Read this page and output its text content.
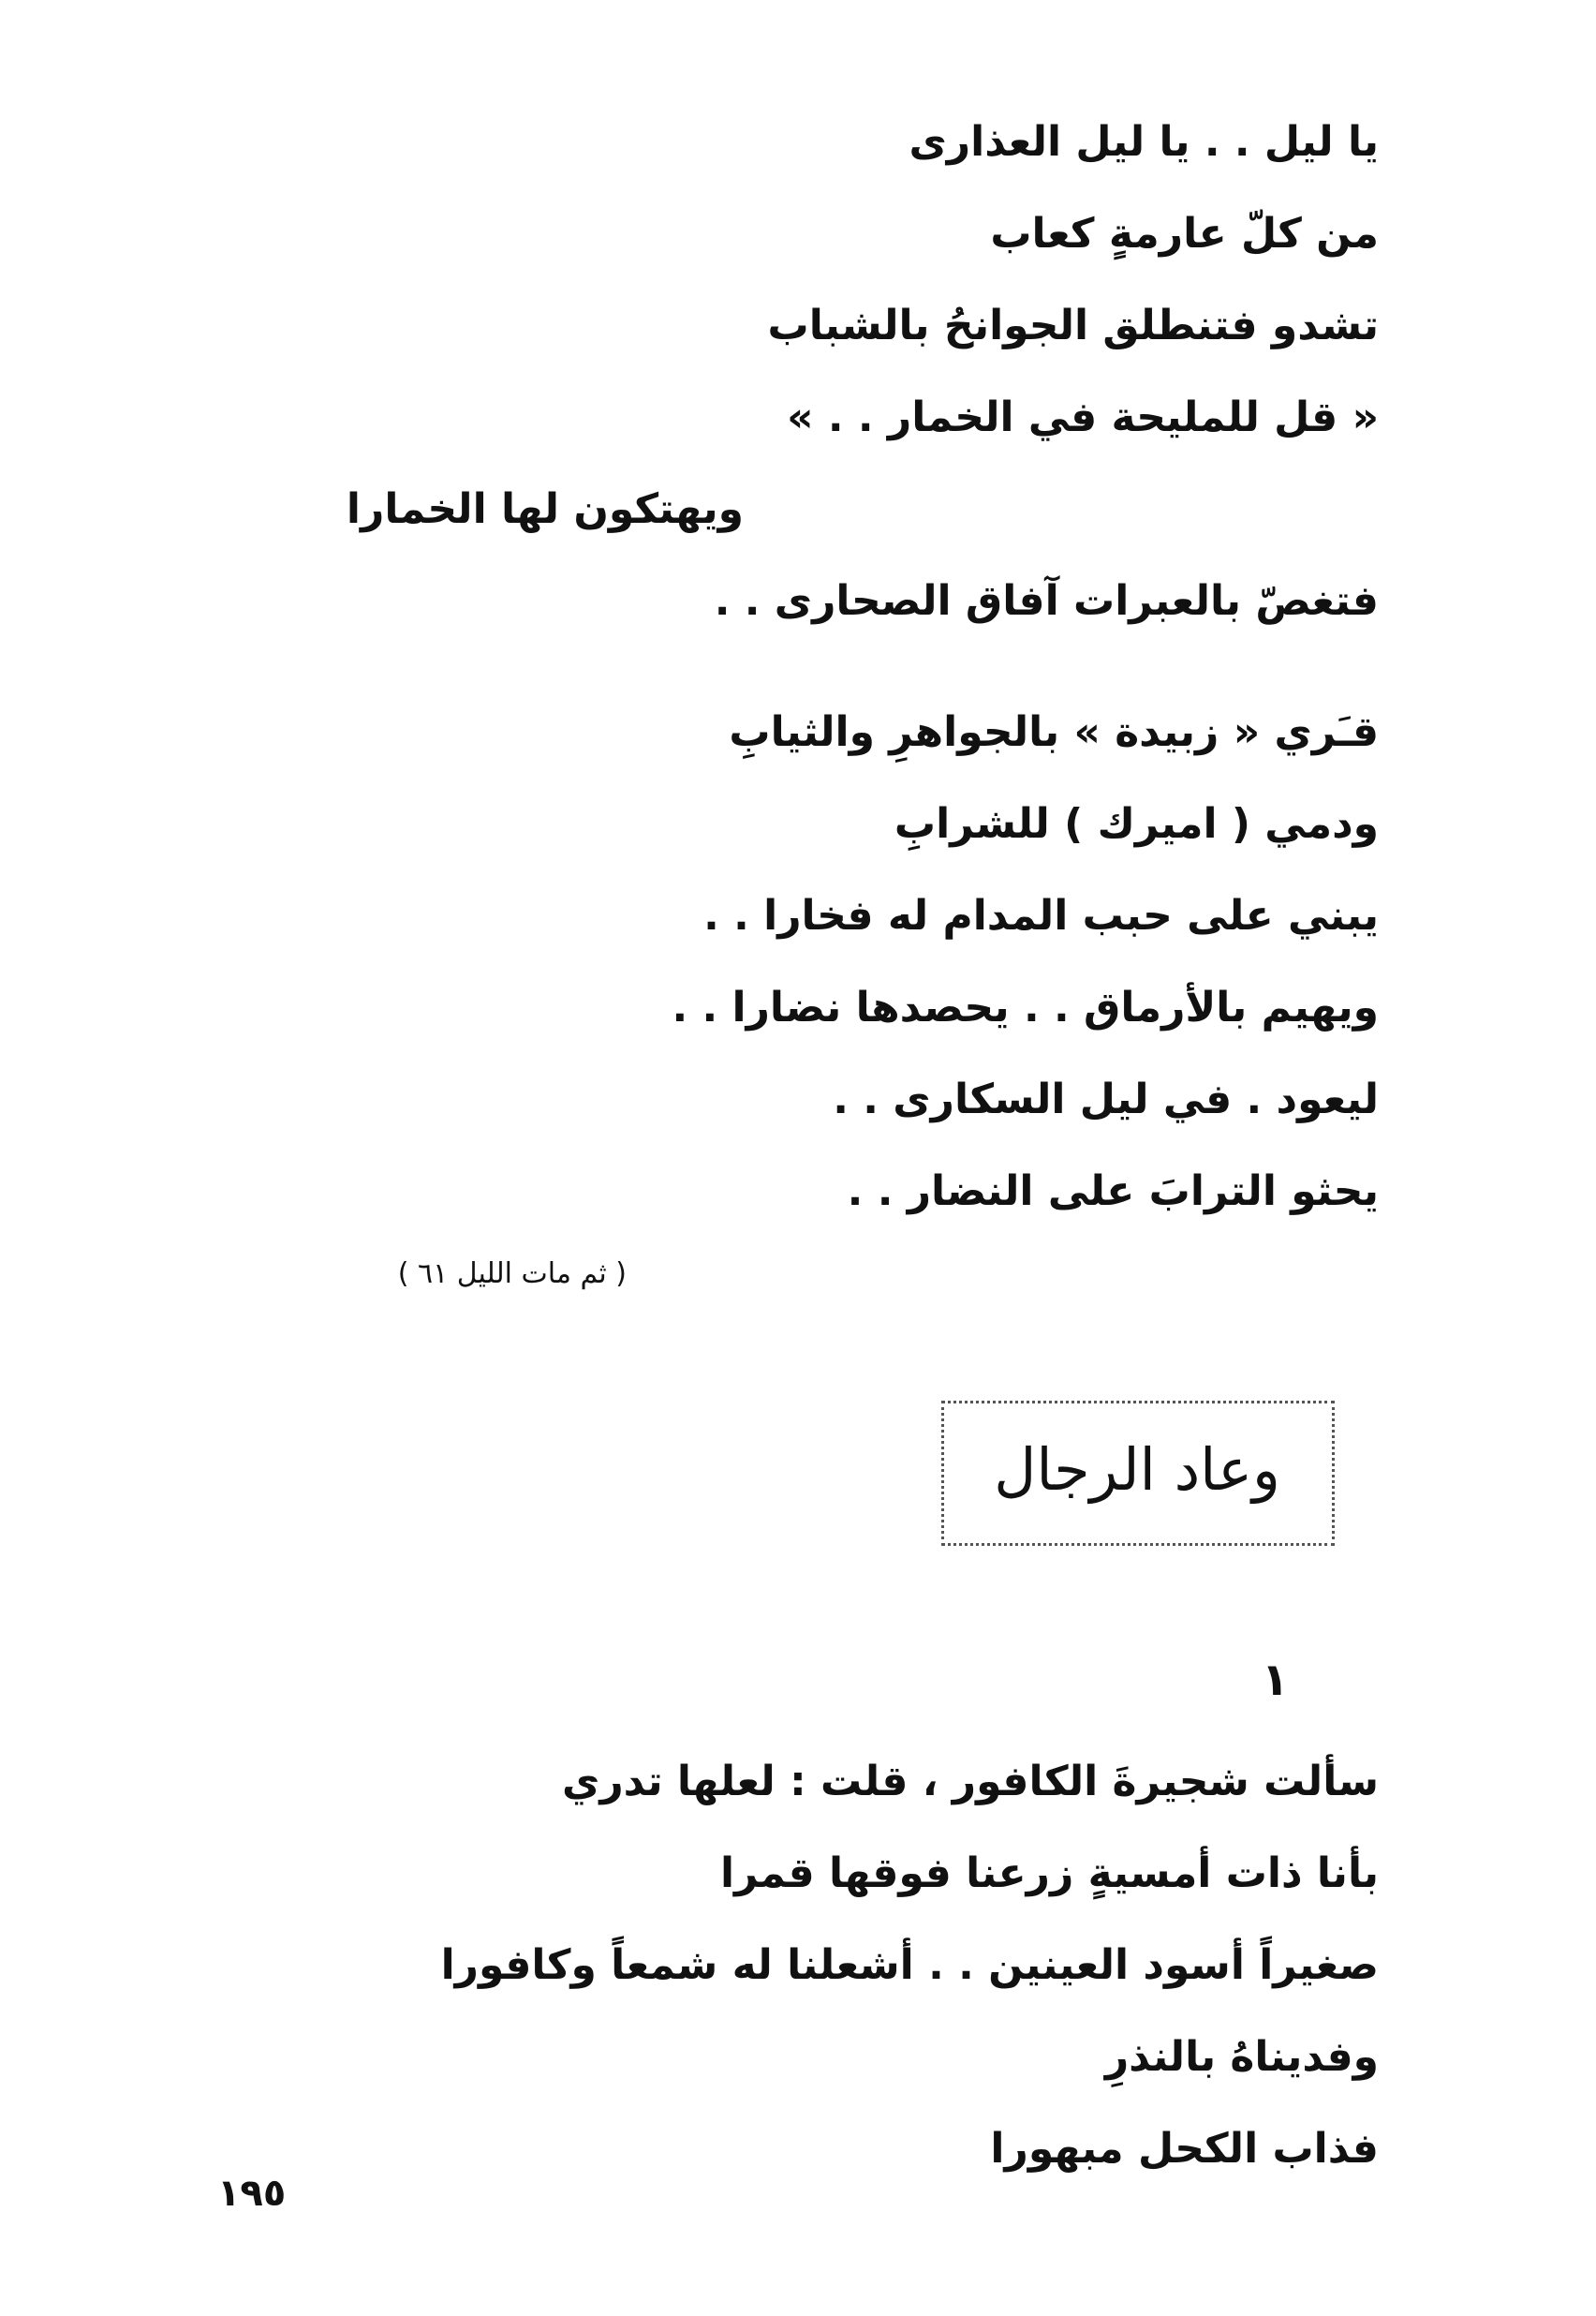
يا ليل . . يا ليل العذارى
من كلّ عارمةٍ كعاب
تشدو فتنطلق الجوانحُ بالشباب
« قل للمليحة في الخمار . . »
ويهتكون لها الخمارا
فتغصّ بالعبرات آفاق الصحارى . .
قـَري « زبيدة » بالجواهرِ والثيابِ
ودمي ( اميرك ) للشرابِ
يبني على حبب المدام له فخارا . .
ويهيم بالأرماق . . يحصدها نضارا . .
ليعود . في ليل السكارى . .
يحثو الترابَ على النضار . .
( ثم مات الليل ٦١ )
وعاد الرجال
١
سألت شجيرةَ الكافور ، قلت : لعلها تدري
بأنا ذات أمسيةٍ زرعنا فوقها قمرا
صغيراً أسود العينين . . أشعلنا له شمعاً وكافورا
وفديناهُ بالنذرِ
فذاب الكحل مبهورا
١٩٥
